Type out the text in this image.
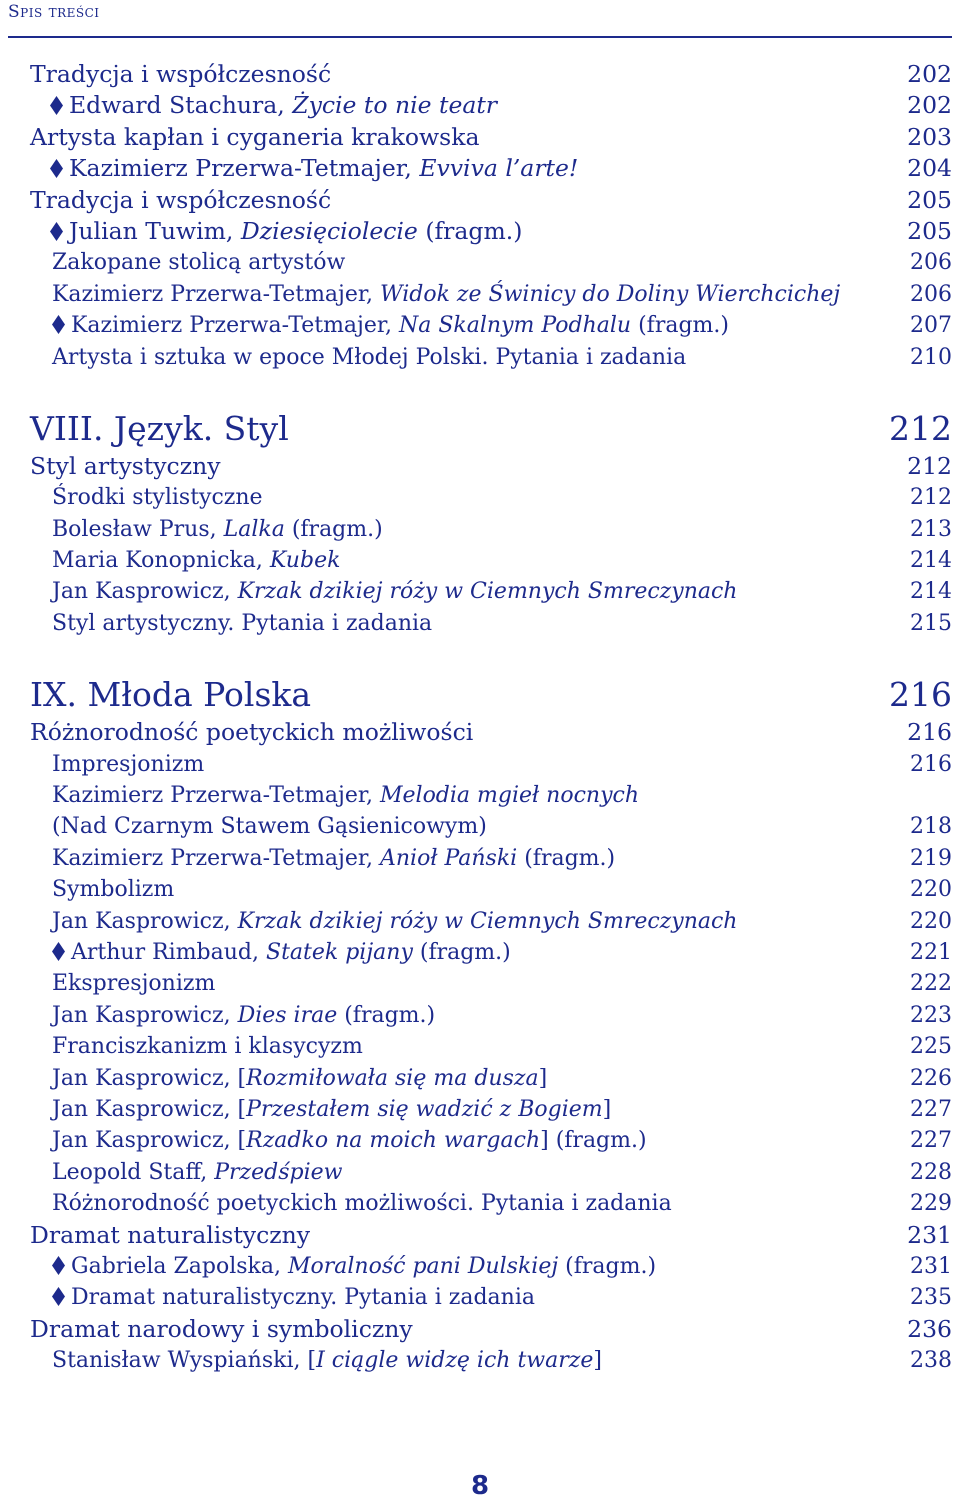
Spis treści
Tradycja i współczesność	202
Edward Stachura, Życie to nie teatr	202
Artysta kapłan i cyganeria krakowska	203
Kazimierz Przerwa-Tetmajer, Evviva l’arte!	204
Tradycja i współczesność	205
Julian Tuwim, Dziesięciolecie (fragm.)	205
Zakopane stolicą artystów	206
Kazimierz Przerwa-Tetmajer, Widok ze Świnicy do Doliny Wierchcichej	206
Kazimierz Przerwa-Tetmajer, Na Skalnym Podhalu (fragm.)	207
Artysta i sztuka w epoce Młodej Polski. Pytania i zadania	210
VIII. Język. Styl	212
Styl artystyczny	212
Środki stylistyczne	212
Bolesław Prus, Lalka (fragm.)	213
Maria Konopnicka, Kubek	214
Jan Kasprowicz, Krzak dzikiej róży w Ciemnych Smreczynach	214
Styl artystyczny. Pytania i zadania	215
IX. Młoda Polska	216
Różnorodność poetyckich możliwości	216
Impresjonizm	216
Kazimierz Przerwa-Tetmajer, Melodia mgieł nocnych
(Nad Czarnym Stawem Gąsienicowym)	218
Kazimierz Przerwa-Tetmajer, Anioł Pański (fragm.)	219
Symbolizm	220
Jan Kasprowicz, Krzak dzikiej róży w Ciemnych Smreczynach	220
Arthur Rimbaud, Statek pijany (fragm.)	221
Ekspresjonizm	222
Jan Kasprowicz, Dies irae (fragm.)	223
Franciszkanizm i klasycyzm	225
Jan Kasprowicz, [Rozmiłowała się ma dusza]	226
Jan Kasprowicz, [Przestałem się wadzić z Bogiem]	227
Jan Kasprowicz, [Rzadko na moich wargach] (fragm.)	227
Leopold Staff, Przedśpiew	228
Różnorodność poetyckich możliwości. Pytania i zadania	229
Dramat naturalistyczny	231
Gabriela Zapolska, Moralność pani Dulskiej (fragm.)	231
Dramat naturalistyczny. Pytania i zadania	235
Dramat narodowy i symboliczny	236
Stanisław Wyspiański, [I ciągle widzę ich twarze]	238
8
